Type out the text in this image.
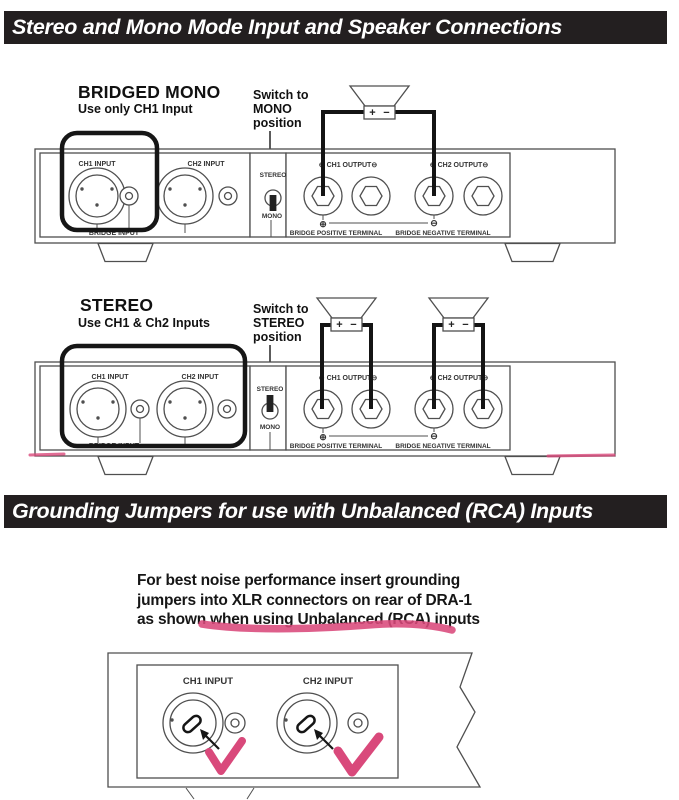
Stereo and Mono Mode Input and Speaker Connections
Grounding Jumpers for use with Unbalanced (RCA) Inputs
For best noise performance insert grounding
jumpers into XLR connectors on rear of DRA-1
as shown when using Unbalanced (RCA) inputs
BRIDGED MONO
Use only CH1 Input
Switch to
MONO
position
CH1 INPUT	CH2 INPUT
BRIDGE INPUT
STEREO
MONO
⊕ CH1 OUTPUT⊖	⊕ CH2 OUTPUT⊖
⊕	⊖
BRIDGE POSITIVE TERMINAL BRIDGE NEGATIVE TERMINAL
+ −
STEREO
Use CH1 & Ch2 Inputs
Switch to
STEREO
position
CH1 INPUT	CH2 INPUT
BRIDGE INPUT
STEREO
MONO
⊕ CH1 OUTPUT⊖	⊕ CH2 OUTPUT⊖
⊕	⊖
BRIDGE POSITIVE TERMINAL BRIDGE NEGATIVE TERMINAL
+ −	+ −
CH1 INPUT	CH2 INPUT
